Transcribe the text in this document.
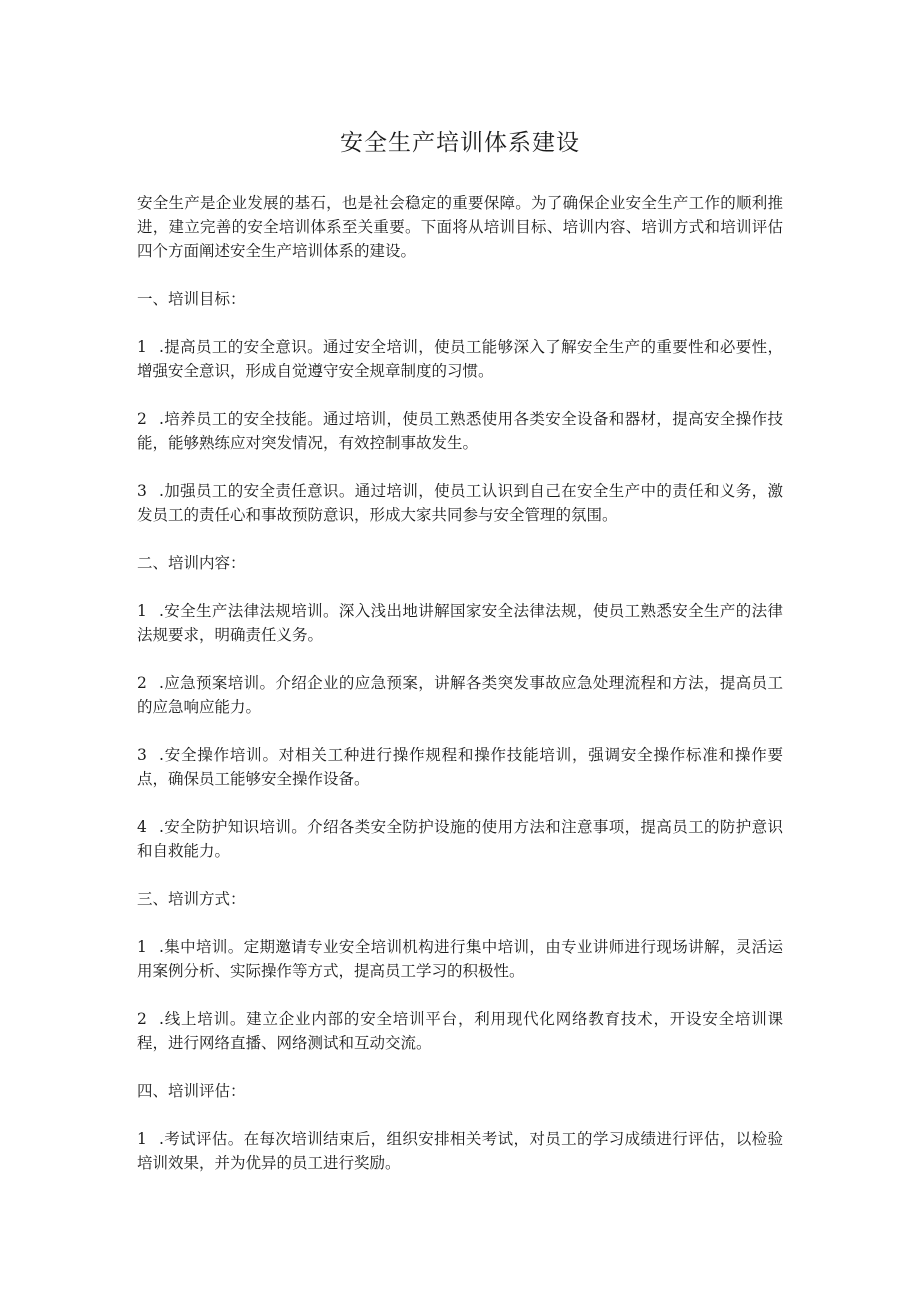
安全生产培训体系建设

安全生产是企业发展的基石，也是社会稳定的重要保障。为了确保企业安全生产工作的顺利推进，建立完善的安全培训体系至关重要。下面将从培训目标、培训内容、培训方式和培训评估四个方面阐述安全生产培训体系的建设。

一、培训目标：

1 .提高员工的安全意识。通过安全培训，使员工能够深入了解安全生产的重要性和必要性，增强安全意识，形成自觉遵守安全规章制度的习惯。

2 .培养员工的安全技能。通过培训，使员工熟悉使用各类安全设备和器材，提高安全操作技能，能够熟练应对突发情况，有效控制事故发生。

3 .加强员工的安全责任意识。通过培训，使员工认识到自己在安全生产中的责任和义务，激发员工的责任心和事故预防意识，形成大家共同参与安全管理的氛围。

二、培训内容：

1 .安全生产法律法规培训。深入浅出地讲解国家安全法律法规，使员工熟悉安全生产的法律法规要求，明确责任义务。

2 .应急预案培训。介绍企业的应急预案，讲解各类突发事故应急处理流程和方法，提高员工的应急响应能力。

3 .安全操作培训。对相关工种进行操作规程和操作技能培训，强调安全操作标准和操作要点，确保员工能够安全操作设备。

4 .安全防护知识培训。介绍各类安全防护设施的使用方法和注意事项，提高员工的防护意识和自救能力。

三、培训方式：

1 .集中培训。定期邀请专业安全培训机构进行集中培训，由专业讲师进行现场讲解，灵活运用案例分析、实际操作等方式，提高员工学习的积极性。

2 .线上培训。建立企业内部的安全培训平台，利用现代化网络教育技术，开设安全培训课程，进行网络直播、网络测试和互动交流。

四、培训评估：

1 .考试评估。在每次培训结束后，组织安排相关考试，对员工的学习成绩进行评估，以检验培训效果，并为优异的员工进行奖励。
